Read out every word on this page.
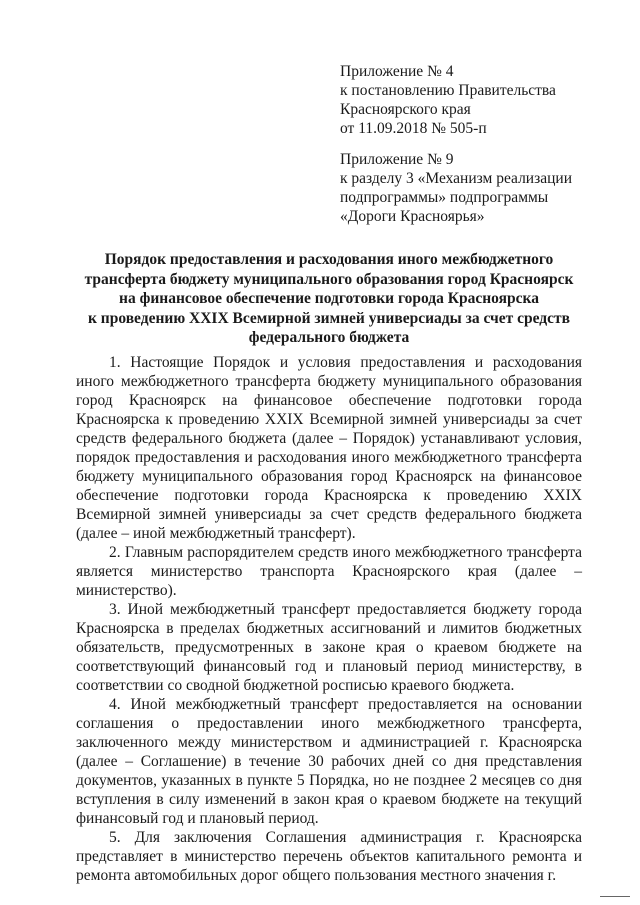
Приложение № 4
к постановлению Правительства
Красноярского края
от 11.09.2018 № 505-п
Приложение № 9
к разделу 3 «Механизм реализации
подпрограммы» подпрограммы
«Дороги Красноярья»
Порядок предоставления и расходования иного межбюджетного
трансферта бюджету муниципального образования город Красноярск
на финансовое обеспечение подготовки города Красноярска
к проведению XXIX Всемирной зимней универсиады за счет средств
федерального бюджета

1. Настоящие Порядок и условия предоставления и расходования иного межбюджетного трансферта бюджету муниципального образования город Красноярск на финансовое обеспечение подготовки города Красноярска к проведению XXIX Всемирной зимней универсиады за счет средств федерального бюджета (далее – Порядок) устанавливают условия, порядок предоставления и расходования иного межбюджетного трансферта бюджету муниципального образования город Красноярск на финансовое обеспечение подготовки города Красноярска к проведению XXIX Всемирной зимней универсиады за счет средств федерального бюджета (далее – иной межбюджетный трансферт).

2. Главным распорядителем средств иного межбюджетного трансферта является министерство транспорта Красноярского края (далее – министерство).

3. Иной межбюджетный трансферт предоставляется бюджету города Красноярска в пределах бюджетных ассигнований и лимитов бюджетных обязательств, предусмотренных в законе края о краевом бюджете на соответствующий финансовый год и плановый период министерству, в соответствии со сводной бюджетной росписью краевого бюджета.

4. Иной межбюджетный трансферт предоставляется на основании соглашения о предоставлении иного межбюджетного трансферта, заключенного между министерством и администрацией г. Красноярска (далее – Соглашение) в течение 30 рабочих дней со дня представления документов, указанных в пункте 5 Порядка, но не позднее 2 месяцев со дня вступления в силу изменений в закон края о краевом бюджете на текущий финансовый год и плановый период.

5. Для заключения Соглашения администрация г. Красноярска представляет в министерство перечень объектов капитального ремонта и ремонта автомобильных дорог общего пользования местного значения г.
